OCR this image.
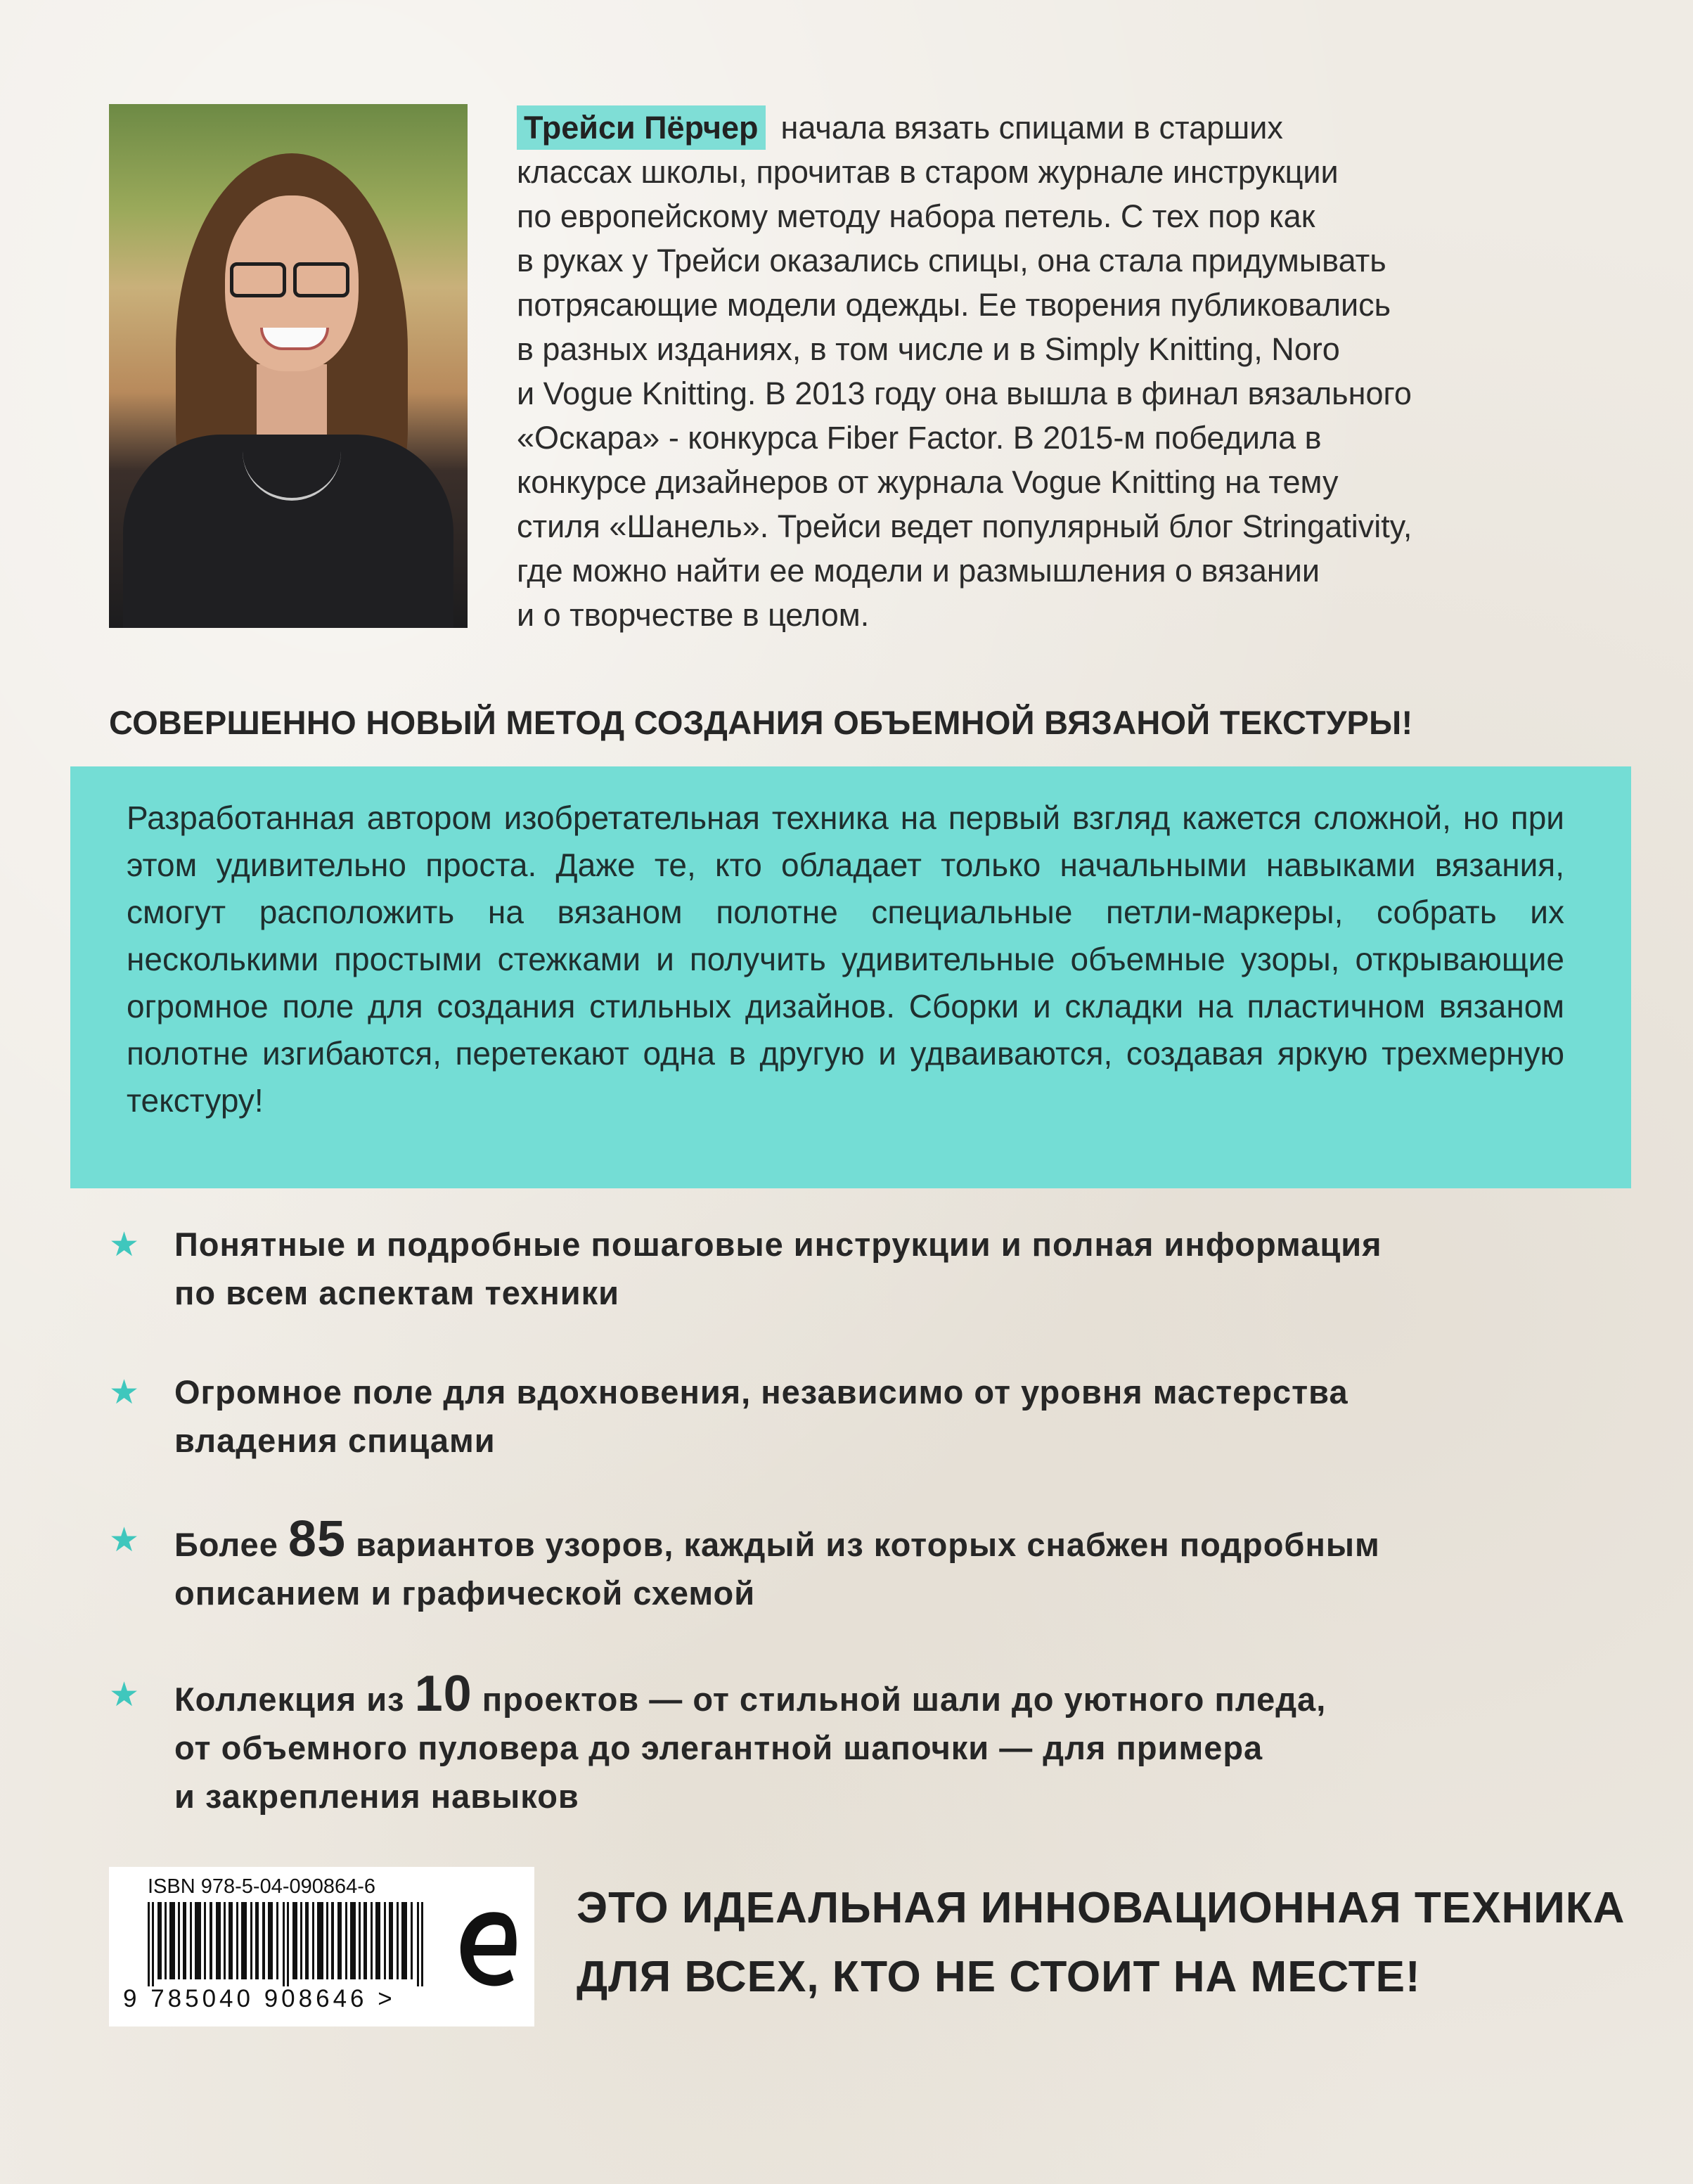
Трейси Пёрчер начала вязать спицами в старших
классах школы, прочитав в старом журнале инструкции
по европейскому методу набора петель. С тех пор как
в руках у Трейси оказались спицы, она стала придумывать
потрясающие модели одежды. Ее творения публиковались
в разных изданиях, в том числе и в Simply Knitting, Noro
и Vogue Knitting. В 2013 году она вышла в финал вязального
«Оскара» - конкурса Fiber Factor. В 2015-м победила в
конкурсе дизайнеров от журнала Vogue Knitting на тему
стиля «Шанель». Трейси ведет популярный блог Stringativity,
где можно найти ее модели и размышления о вязании
и о творчестве в целом.
СОВЕРШЕННО НОВЫЙ МЕТОД СОЗДАНИЯ ОБЪЕМНОЙ ВЯЗАНОЙ ТЕКСТУРЫ!
Разработанная автором изобретательная техника на первый взгляд кажется сложной, но при этом удивительно проста. Даже те, кто обладает только начальными навыками вязания, смогут расположить на вязаном полотне специальные петли-маркеры, собрать их несколькими простыми стежками и получить удивительные объемные узоры, открывающие огромное поле для создания стильных дизайнов. Сборки и складки на пластичном вязаном полотне изгибаются, перетекают одна в другую и удваиваются, создавая яркую трехмерную текстуру!
★ Понятные и подробные пошаговые инструкции и полная информация
по всем аспектам техники
★ Огромное поле для вдохновения, независимо от уровня мастерства
владения спицами
★ Более 85 вариантов узоров, каждый из которых снабжен подробным
описанием и графической схемой
★ Коллекция из 10 проектов — от стильной шали до уютного пледа,
от объемного пуловера до элегантной шапочки — для примера
и закрепления навыков
ISBN 978-5-04-090864-6
9 785040 908646 >
ЭТО ИДЕАЛЬНАЯ ИННОВАЦИОННАЯ ТЕХНИКА
ДЛЯ ВСЕХ, КТО НЕ СТОИТ НА МЕСТЕ!
